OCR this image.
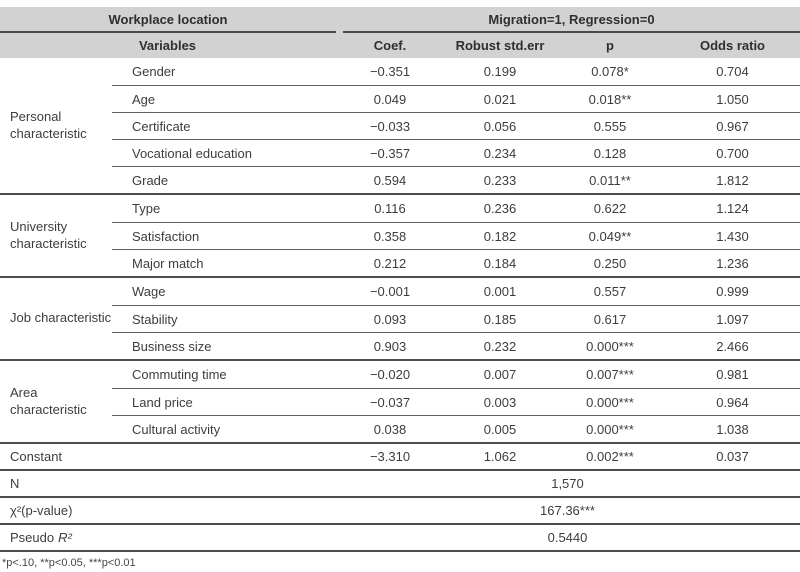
Workplace location	Migration=1, Regression=0
Variables	Coef.	Robust std.err	p	Odds ratio
Personal characteristic
Gender	−0.351	0.199	0.078*	0.704
Age	0.049	0.021	0.018**	1.050
Certificate	−0.033	0.056	0.555	0.967
Vocational education	−0.357	0.234	0.128	0.700
Grade	0.594	0.233	0.011**	1.812
University characteristic
Type	0.116	0.236	0.622	1.124
Satisfaction	0.358	0.182	0.049**	1.430
Major match	0.212	0.184	0.250	1.236
Job characteristic
Wage	−0.001	0.001	0.557	0.999
Stability	0.093	0.185	0.617	1.097
Business size	0.903	0.232	0.000***	2.466
Area characteristic
Commuting time	−0.020	0.007	0.007***	0.981
Land price	−0.037	0.003	0.000***	0.964
Cultural activity	0.038	0.005	0.000***	1.038
Constant	−3.310	1.062	0.002***	0.037
N	1,570
χ²(p-value)	167.36***
Pseudo R²	0.5440
*p<.10, **p<0.05, ***p<0.01
